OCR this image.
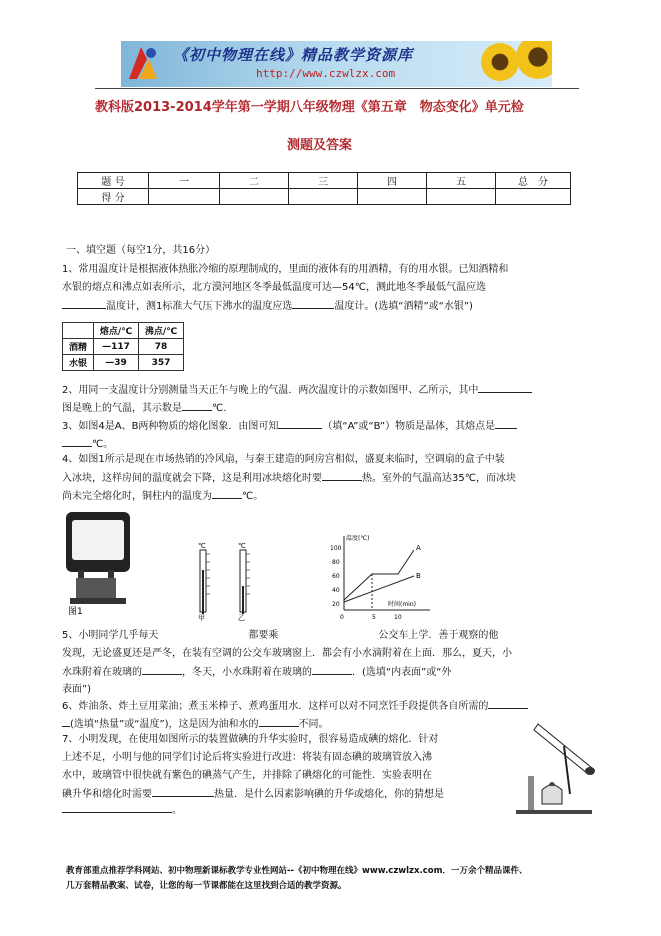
《初中物理在线》精品教学资源库
http://www.czwlzx.com
教科版2013-2014学年第一学期八年级物理《第五章　物态变化》单元检
测题及答案
题 号	一	二	三	四	五	总　分
得 分						
一、填空题（每空1分，共16分）
1、常用温度计是根据液体热胀冷缩的原理制成的，里面的液体有的用酒精，有的用水银。已知酒精和
水银的熔点和沸点如表所示，北方漠河地区冬季最低温度可达—54℃，测此地冬季最低气温应选
温度计，测1标准大气压下沸水的温度应选	温度计。(选填“酒精”或“水银”)
	熔点/℃	沸点/℃
酒精	—117	78
水银	—39	357
2、用同一支温度计分别测量当天正午与晚上的气温．两次温度计的示数如图甲、乙所示，其中
图是晚上的气温，其示数是	℃.
3、如图4是A、B两种物质的熔化图象．由图可知	（填“A”或“B”）物质是晶体，其熔点是
℃。
4、如图1所示是现在市场热销的冷风扇，与秦王建造的阿房宫相似，盛夏来临时，空调扇的盒子中装
入冰块，这样房间的温度就会下降，这是利用冰块熔化时要	热。室外的气温高达35℃，而冰块
尚未完全熔化时，铜柱内的温度为	℃。
图1
℃	℃
甲	乙
温度(℃)
时间(min)
100
80
60
40
20
0	5	10
A
B
5、小明同学几乎每天	都要乘	公交车上学．善于观察的他
发现，无论盛夏还是严冬，在装有空调的公交车玻璃窗上．都会有小水滴附着在上面．那么，夏天，小
水珠附着在玻璃的	，冬天，小水珠附着在玻璃的	．(选填“内表面”或“外
表面”)
6、炸油条、炸土豆用菜油；煮玉米棒子、煮鸡蛋用水．这样可以对不同烹饪手段提供各自所需的
(选填“热量”或“温度”)，这是因为油和水的	不同。
7、小明发现，在使用如图所示的装置做碘的升华实验时，很容易造成碘的熔化．针对
上述不足，小明与他的同学们讨论后将实验进行改进：将装有固态碘的玻璃管放入沸
水中，玻璃管中很快就有紫色的碘蒸气产生，并排除了碘熔化的可能性．实验表明在
碘升华和熔化时需要	热量．是什么因素影响碘的升华或熔化，你的猜想是
。
教育部重点推荐学科网站、初中物理新课标教学专业性网站--《初中物理在线》www.czwlzx.com．一万余个精品课件、
几万套精品教案、试卷，让您的每一节课都能在这里找到合适的教学资源。
